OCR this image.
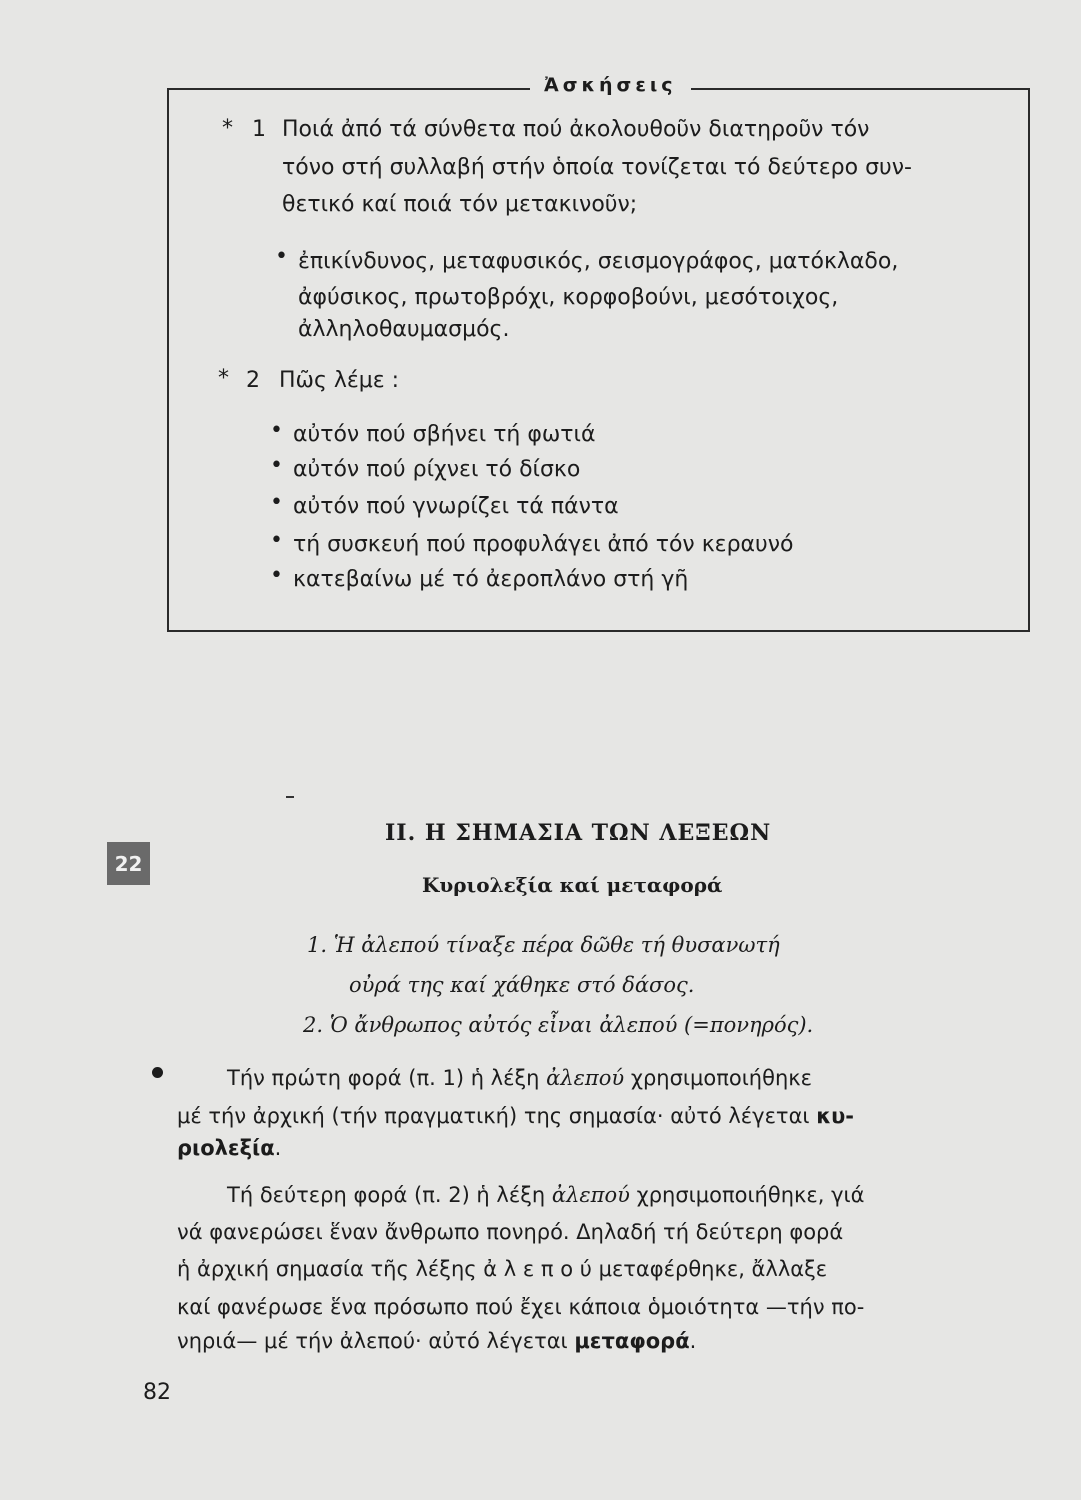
Ἀσκήσεις
* 1 Ποιά ἀπό τά σύνθετα πού ἀκολουθοῦν διατηροῦν τόν
τόνο στή συλλαβή στήν ὁποία τονίζεται τό δεύτερο συν-
θετικό καί ποιά τόν μετακινοῦν;
• ἐπικίνδυνος, μεταφυσικός, σεισμογράφος, ματόκλαδο,
ἀφύσικος, πρωτοβρόχι, κορφοβούνι, μεσότοιχος,
ἀλληλοθαυμασμός.
* 2 Πῶς λέμε :
• αὐτόν πού σβήνει τή φωτιά
• αὐτόν πού ρίχνει τό δίσκο
• αὐτόν πού γνωρίζει τά πάντα
• τή συσκευή πού προφυλάγει ἀπό τόν κεραυνό
• κατεβαίνω μέ τό ἀεροπλάνο στή γῆ
II. Η ΣΗΜΑΣΙΑ ΤΩΝ ΛΕΞΕΩΝ
22
Κυριολεξία καί μεταφορά
1. Ἡ ἀλεπού τίναξε πέρα δῶθε τή θυσανωτή
οὐρά της καί χάθηκε στό δάσος.
2. Ὁ ἄνθρωπος αὐτός εἶναι ἀλεπού (=πονηρός).
Τήν πρώτη φορά (π. 1) ἡ λέξη ἀλεπού χρησιμοποιήθηκε
μέ τήν ἀρχική (τήν πραγματική) της σημασία· αὐτό λέγεται κυ-
ριολεξία.
Τή δεύτερη φορά (π. 2) ἡ λέξη ἀλεπού χρησιμοποιήθηκε, γιά
νά φανερώσει ἕναν ἄνθρωπο πονηρό. Δηλαδή τή δεύτερη φορά
ἡ ἀρχική σημασία τῆς λέξης ἀ λ ε π ο ύ μεταφέρθηκε, ἄλλαξε
καί φανέρωσε ἕνα πρόσωπο πού ἔχει κάποια ὁμοιότητα —τήν πο-
νηριά— μέ τήν ἀλεπού· αὐτό λέγεται μεταφορά.
82
